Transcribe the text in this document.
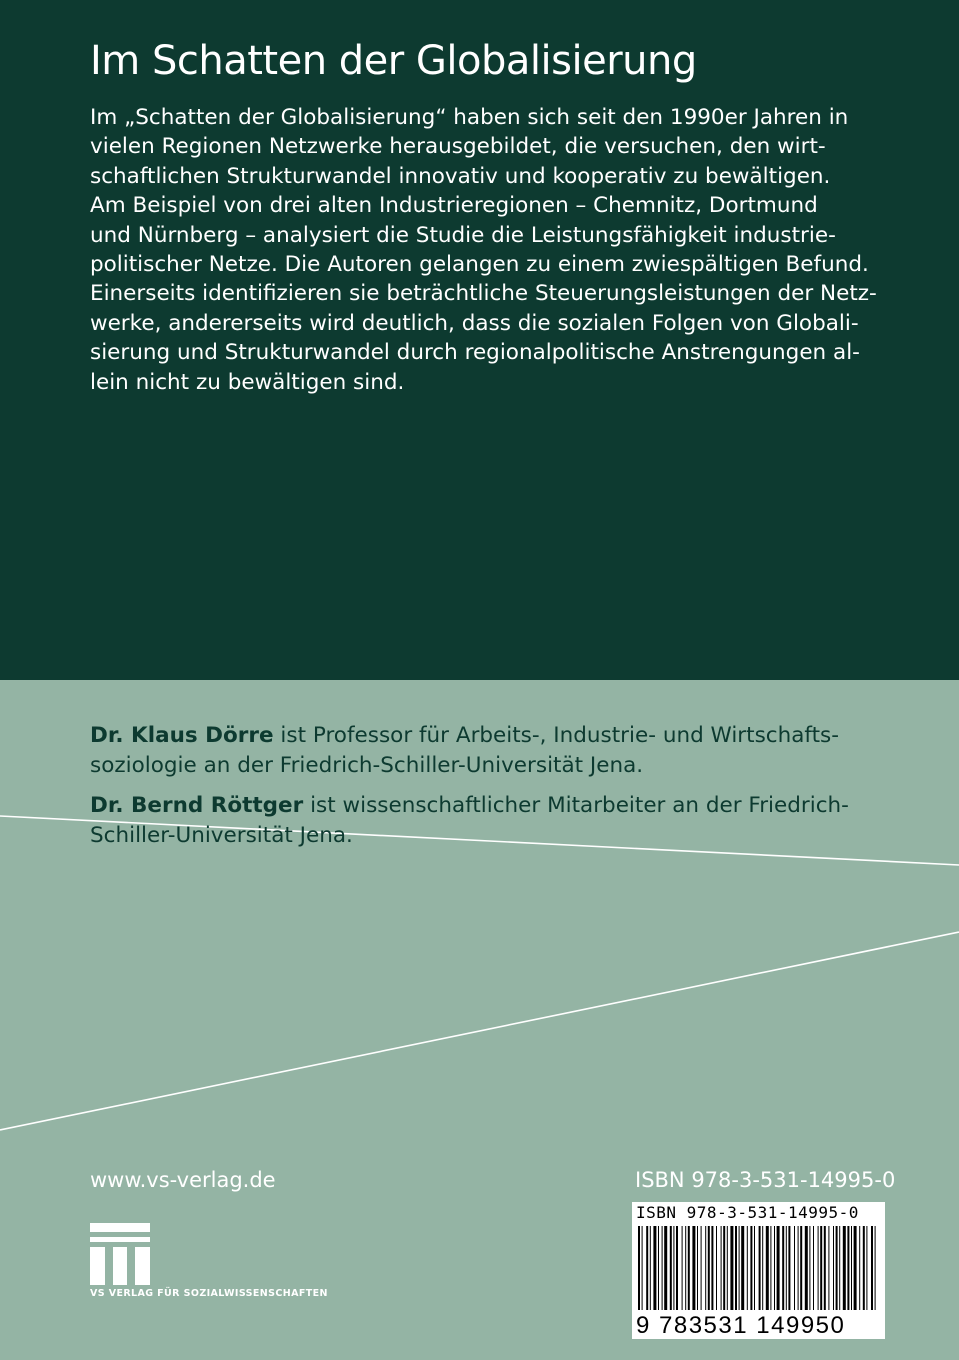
Im Schatten der Globalisierung
Im „Schatten der Globalisierung“ haben sich seit den 1990er Jahren in
vielen Regionen Netzwerke herausgebildet, die versuchen, den wirt-
schaftlichen Strukturwandel innovativ und kooperativ zu bewältigen.
Am Beispiel von drei alten Industrieregionen – Chemnitz, Dortmund
und Nürnberg – analysiert die Studie die Leistungsfähigkeit industrie-
politischer Netze. Die Autoren gelangen zu einem zwiespältigen Befund.
Einerseits identifizieren sie beträchtliche Steuerungsleistungen der Netz-
werke, andererseits wird deutlich, dass die sozialen Folgen von Globali-
sierung und Strukturwandel durch regionalpolitische Anstrengungen al-
lein nicht zu bewältigen sind.

Dr. Klaus Dörre ist Professor für Arbeits-, Industrie- und Wirtschafts-
soziologie an der Friedrich-Schiller-Universität Jena.

Dr. Bernd Röttger ist wissenschaftlicher Mitarbeiter an der Friedrich-
Schiller-Universität Jena.

www.vs-verlag.de	ISBN 978-3-531-14995-0
VS VERLAG FÜR SOZIALWISSENSCHAFTEN
ISBN 978-3-531-14995-0
9 783531 149950
